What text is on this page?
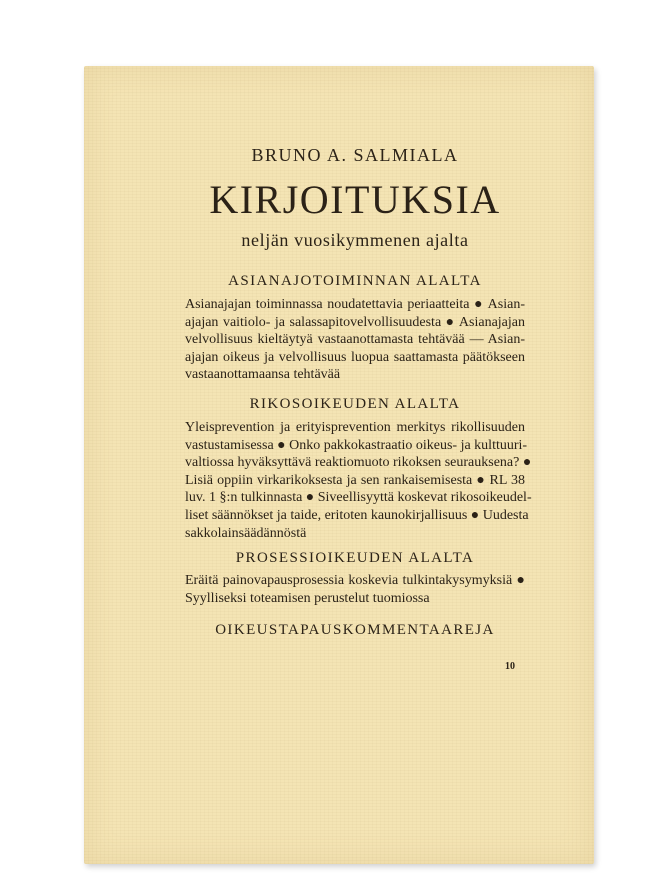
BRUNO A. SALMIALA
KIRJOITUKSIA
neljän vuosikymmenen ajalta
ASIANAJOTOIMINNAN ALALTA
Asianajajan toiminnassa noudatettavia periaatteita ● Asian-
ajajan vaitiolo- ja salassapitovelvollisuudesta ● Asianajajan
velvollisuus kieltäytyä vastaanottamasta tehtävää — Asian-
ajajan oikeus ja velvollisuus luopua saattamasta päätökseen
vastaanottamaansa tehtävää
RIKOSOIKEUDEN ALALTA
Yleisprevention ja erityisprevention merkitys rikollisuuden
vastustamisessa ● Onko pakkokastraatio oikeus- ja kulttuuri-
valtiossa hyväksyttävä reaktiomuoto rikoksen seurauksena? ●
Lisiä oppiin virkarikoksesta ja sen rankaisemisesta ● RL 38
luv. 1 §:n tulkinnasta ● Siveellisyyttä koskevat rikosoikeudel-
liset säännökset ja taide, eritoten kaunokirjallisuus ● Uudesta
sakkolainsäädännöstä
PROSESSIOIKEUDEN ALALTA
Eräitä painovapausprosessia koskevia tulkintakysymyksiä ●
Syylliseksi toteamisen perustelut tuomiossa
OIKEUSTAPAUSKOMMENTAAREJA
10
